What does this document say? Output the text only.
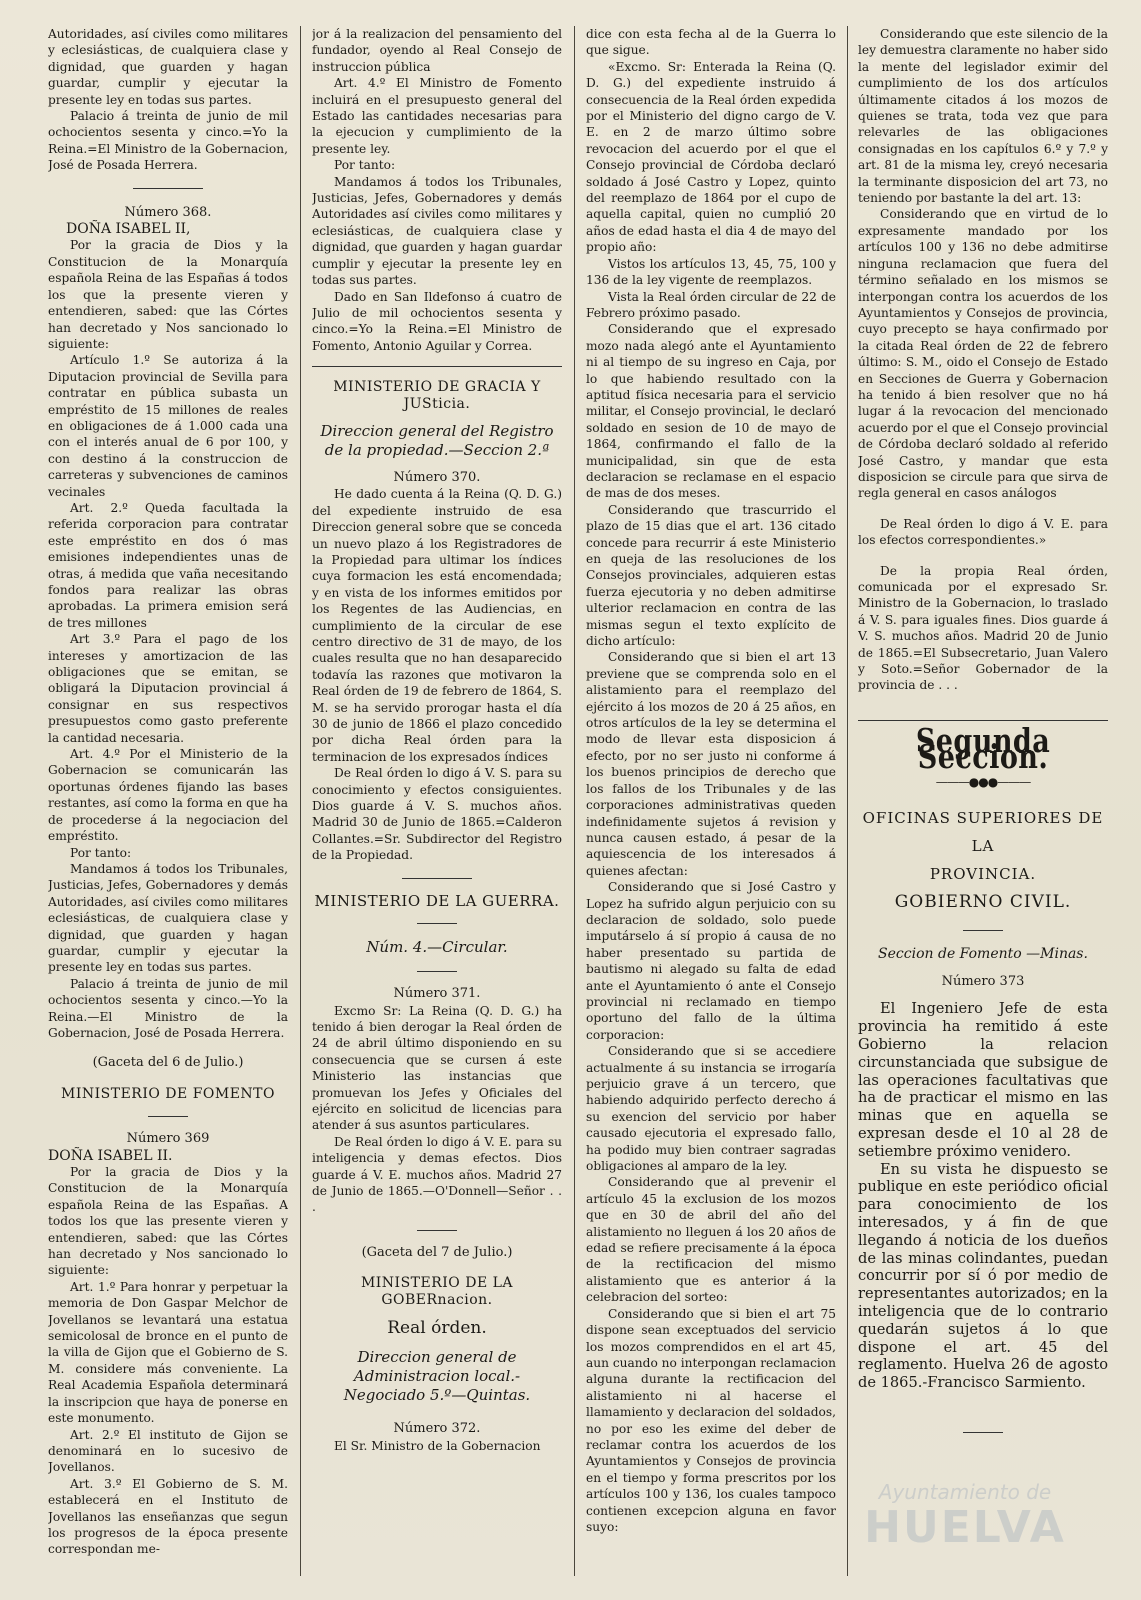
Autoridades, así civiles como militares y eclesiásticas, de cualquiera clase y dignidad, que guarden y hagan guardar, cumplir y ejecutar la presente ley en todas sus partes.

Palacio á treinta de junio de mil ochocientos sesenta y cinco.=Yo la Reina.=El Ministro de la Gobernacion, José de Posada Herrera.

Número 368.

DOÑA ISABEL II,

Por la gracia de Dios y la Constitucion de la Monarquía española Reina de las Españas á todos los que la presente vieren y entendieren, sabed: que las Córtes han decretado y Nos sancionado lo siguiente:

Artículo 1.º Se autoriza á la Diputacion provincial de Sevilla para contratar en pública subasta un empréstito de 15 millones de reales en obligaciones de á 1.000 cada una con el interés anual de 6 por 100, y con destino á la construccion de carreteras y subvenciones de caminos vecinales

Art. 2.º Queda facultada la referida corporacion para contratar este empréstito en dos ó mas emisiones independientes unas de otras, á medida que vaña necesitando fondos para realizar las obras aprobadas. La primera emision será de tres millones

Art 3.º Para el pago de los intereses y amortizacion de las obligaciones que se emitan, se obligará la Diputacion provincial á consignar en sus respectivos presupuestos como gasto preferente la cantidad necesaria.

Art. 4.º Por el Ministerio de la Gobernacion se comunicarán las oportunas órdenes fijando las bases restantes, así como la forma en que ha de procederse á la negociacion del empréstito.

Por tanto:

Mandamos á todos los Tribunales, Justicias, Jefes, Gobernadores y demás Autoridades, así civiles como militares eclesiásticas, de cualquiera clase y dignidad, que guarden y hagan guardar, cumplir y ejecutar la presente ley en todas sus partes.

Palacio á treinta de junio de mil ochocientos sesenta y cinco.—Yo la Reina.—El Ministro de la Gobernacion, José de Posada Herrera.

(Gaceta del 6 de Julio.)
MINISTERIO DE FOMENTO
Número 369

DOÑA ISABEL II.

Por la gracia de Dios y la Constitucion de la Monarquía española Reina de las Españas. A todos los que las presente vieren y entendieren, sabed: que las Córtes han decretado y Nos sancionado lo siguiente:

Art. 1.º Para honrar y perpetuar la memoria de Don Gaspar Melchor de Jovellanos se levantará una estatua semicolosal de bronce en el punto de la villa de Gijon que el Gobierno de S. M. considere más conveniente. La Real Academia Española determinará la inscripcion que haya de ponerse en este monumento.

Art. 2.º El instituto de Gijon se denominará en lo sucesivo de Jovellanos.

Art. 3.º El Gobierno de S. M. establecerá en el Instituto de Jovellanos las enseñanzas que segun los progresos de la época presente correspondan me-

jor á la realizacion del pensamiento del fundador, oyendo al Real Consejo de instruccion pública

Art. 4.º El Ministro de Fomento incluirá en el presupuesto general del Estado las cantidades necesarias para la ejecucion y cumplimiento de la presente ley.

Por tanto:

Mandamos á todos los Tribunales, Justicias, Jefes, Gobernadores y demás Autoridades así civiles como militares y eclesiásticas, de cualquiera clase y dignidad, que guarden y hagan guardar cumplir y ejecutar la presente ley en todas sus partes.

Dado en San Ildefonso á cuatro de Julio de mil ochocientos sesenta y cinco.=Yo la Reina.=El Ministro de Fomento, Antonio Aguilar y Correa.

MINISTERIO DE GRACIA Y JUSticia.
Direccion general del Registro de la propiedad.—Seccion 2.ª
Número 370.

He dado cuenta á la Reina (Q. D. G.) del expediente instruido de esa Direccion general sobre que se conceda un nuevo plazo á los Registradores de la Propiedad para ultimar los índices cuya formacion les está encomendada; y en vista de los informes emitidos por los Regentes de las Audiencias, en cumplimiento de la circular de ese centro directivo de 31 de mayo, de los cuales resulta que no han desaparecido todavía las razones que motivaron la Real órden de 19 de febrero de 1864, S. M. se ha servido prorogar hasta el día 30 de junio de 1866 el plazo concedido por dicha Real órden para la terminacion de los expresados índices

De Real órden lo digo á V. S. para su conocimiento y efectos consiguientes. Dios guarde á V. S. muchos años. Madrid 30 de Junio de 1865.=Calderon Collantes.=Sr. Subdirector del Registro de la Propiedad.

MINISTERIO DE LA GUERRA.
Núm. 4.—Circular.
Número 371.

Excmo Sr: La Reina (Q. D. G.) ha tenido á bien derogar la Real órden de 24 de abril último disponiendo en su consecuencia que se cursen á este Ministerio las instancias que promuevan los Jefes y Oficiales del ejército en solicitud de licencias para atender á sus asuntos particulares.

De Real órden lo digo á V. E. para su inteligencia y demas efectos. Dios guarde á V. E. muchos años. Madrid 27 de Junio de 1865.—O'Donnell—Señor . . .

(Gaceta del 7 de Julio.)
MINISTERIO DE LA GOBERnacion.
Real órden.
Direccion general de Administracion local.- Negociado 5.º—Quintas.
Número 372.

El Sr. Ministro de la Gobernacion

dice con esta fecha al de la Guerra lo que sigue.

«Excmo. Sr: Enterada la Reina (Q. D. G.) del expediente instruido á consecuencia de la Real órden expedida por el Ministerio del digno cargo de V. E. en 2 de marzo último sobre revocacion del acuerdo por el que el Consejo provincial de Córdoba declaró soldado á José Castro y Lopez, quinto del reemplazo de 1864 por el cupo de aquella capital, quien no cumplió 20 años de edad hasta el dia 4 de mayo del propio año:

Vistos los artículos 13, 45, 75, 100 y 136 de la ley vigente de reemplazos.

Vista la Real órden circular de 22 de Febrero próximo pasado.

Considerando que el expresado mozo nada alegó ante el Ayuntamiento ni al tiempo de su ingreso en Caja, por lo que habiendo resultado con la aptitud física necesaria para el servicio militar, el Consejo provincial, le declaró soldado en sesion de 10 de mayo de 1864, confirmando el fallo de la municipalidad, sin que de esta declaracion se reclamase en el espacio de mas de dos meses.

Considerando que trascurrido el plazo de 15 dias que el art. 136 citado concede para recurrir á este Ministerio en queja de las resoluciones de los Consejos provinciales, adquieren estas fuerza ejecutoria y no deben admitirse ulterior reclamacion en contra de las mismas segun el texto explícito de dicho artículo:

Considerando que si bien el art 13 previene que se comprenda solo en el alistamiento para el reemplazo del ejército á los mozos de 20 á 25 años, en otros artículos de la ley se determina el modo de llevar esta disposicion á efecto, por no ser justo ni conforme á los buenos principios de derecho que los fallos de los Tribunales y de las corporaciones administrativas queden indefinidamente sujetos á revision y nunca causen estado, á pesar de la aquiescencia de los interesados á quienes afectan:

Considerando que si José Castro y Lopez ha sufrido algun perjuicio con su declaracion de soldado, solo puede imputárselo á sí propio á causa de no haber presentado su partida de bautismo ni alegado su falta de edad ante el Ayuntamiento ó ante el Consejo provincial ni reclamado en tiempo oportuno del fallo de la última corporacion:

Considerando que si se accediere actualmente á su instancia se irrogaría perjuicio grave á un tercero, que habiendo adquirido perfecto derecho á su exencion del servicio por haber causado ejecutoria el expresado fallo, ha podido muy bien contraer sagradas obligaciones al amparo de la ley.

Considerando que al prevenir el artículo 45 la exclusion de los mozos que en 30 de abril del año del alistamiento no lleguen á los 20 años de edad se refiere precisamente á la época de la rectificacion del mismo alistamiento que es anterior á la celebracion del sorteo:

Considerando que si bien el art 75 dispone sean exceptuados del servicio los mozos comprendidos en el art 45, aun cuando no interpongan reclamacion alguna durante la rectificacion del alistamiento ni al hacerse el llamamiento y declaracion del soldados, no por eso les exime del deber de reclamar contra los acuerdos de los Ayuntamientos y Consejos de provincia en el tiempo y forma prescritos por los artículos 100 y 136, los cuales tampoco contienen excepcion alguna en favor suyo:

Considerando que este silencio de la ley demuestra claramente no haber sido la mente del legislador eximir del cumplimiento de los dos artículos últimamente citados á los mozos de quienes se trata, toda vez que para relevarles de las obligaciones consignadas en los capítulos 6.º y 7.º y art. 81 de la misma ley, creyó necesaria la terminante disposicion del art 73, no teniendo por bastante la del art. 13:

Considerando que en virtud de lo expresamente mandado por los artículos 100 y 136 no debe admitirse ninguna reclamacion que fuera del término señalado en los mismos se interpongan contra los acuerdos de los Ayuntamientos y Consejos de provincia, cuyo precepto se haya confirmado por la citada Real órden de 22 de febrero último: S. M., oido el Consejo de Estado en Secciones de Guerra y Gobernacion ha tenido á bien resolver que no há lugar á la revocacion del mencionado acuerdo por el que el Consejo provincial de Córdoba declaró soldado al referido José Castro, y mandar que esta disposicion se circule para que sirva de regla general en casos análogos

De Real órden lo digo á V. E. para los efectos correspondientes.»

De la propia Real órden, comunicada por el expresado Sr. Ministro de la Gobernacion, lo traslado á V. S. para iguales fines. Dios guarde á V. S. muchos años. Madrid 20 de Junio de 1865.=El Subsecretario, Juan Valero y Soto.=Señor Gobernador de la provincia de . . .

Segunda Seccion.
———●●●———
OFICINAS SUPERIORES DE LA
PROVINCIA.
GOBIERNO CIVIL.
Seccion de Fomento —Minas.
Número 373

El Ingeniero Jefe de esta provincia ha remitido á este Gobierno la relacion circunstanciada que subsigue de las operaciones facultativas que ha de practicar el mismo en las minas que en aquella se expresan desde el 10 al 28 de setiembre próximo venidero.

En su vista he dispuesto se publique en este periódico oficial para conocimiento de los interesados, y á fin de que llegando á noticia de los dueños de las minas colindantes, puedan concurrir por sí ó por medio de representantes autorizados; en la inteligencia que de lo contrario quedarán sujetos á lo que dispone el art. 45 del reglamento. Huelva 26 de agosto de 1865.-Francisco Sarmiento.

Ayuntamiento de
HUELVA
